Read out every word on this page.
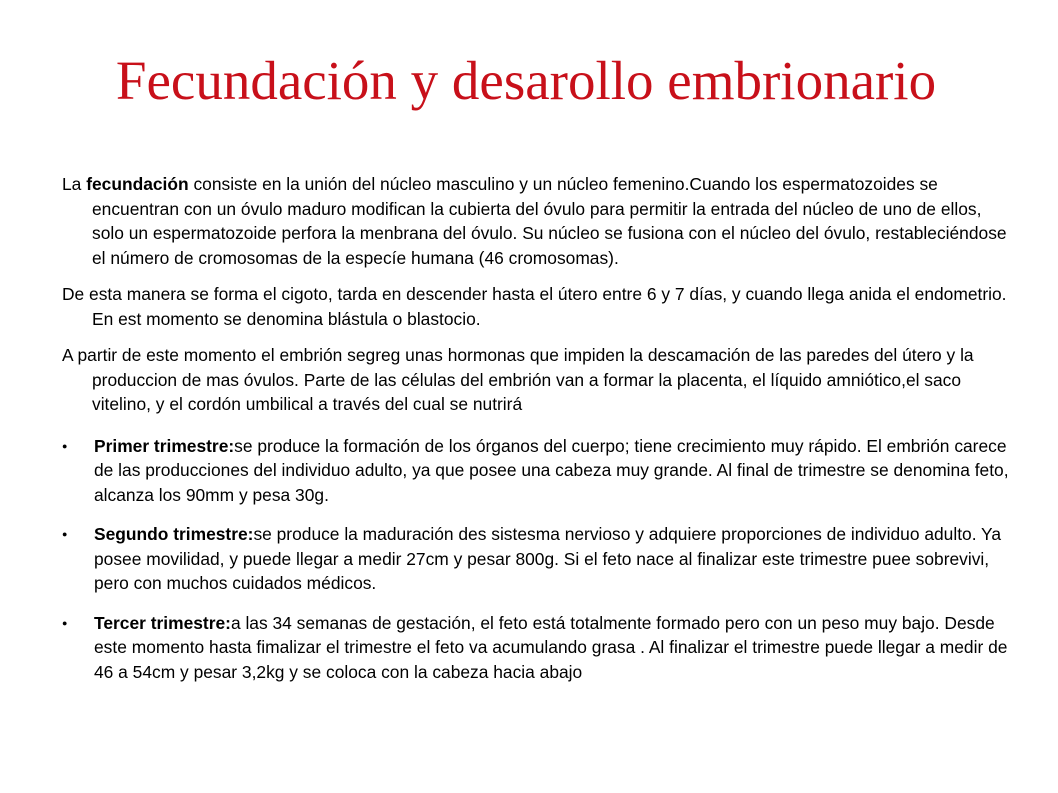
Fecundación y desarollo embrionario

La fecundación consiste en la unión del núcleo masculino y un núcleo femenino.Cuando los espermatozoides se encuentran con un óvulo maduro modifican la cubierta del óvulo para permitir la entrada del núcleo de uno de ellos, solo un espermatozoide perfora la menbrana del óvulo. Su núcleo se fusiona con el núcleo del óvulo, restableciéndose el número de cromosomas de la especíe humana (46 cromosomas).

De esta manera se forma el cigoto, tarda en descender hasta el útero entre 6 y 7 días, y cuando llega anida el endometrio. En est momento se denomina blástula o blastocio.

A partir de este momento el embrión segreg unas hormonas que impiden la descamación de las paredes del útero y la produccion de mas óvulos. Parte de las células del embrión van a formar la placenta, el líquido amniótico,el saco vitelino, y el cordón umbilical a través del cual se nutrirá

● Primer trimestre:se produce la formación de los órganos del cuerpo; tiene crecimiento muy rápido. El embrión carece de las producciones del individuo adulto, ya que posee una cabeza muy grande. Al final de trimestre se denomina feto, alcanza los 90mm y pesa 30g.
● Segundo trimestre:se produce la maduración des sistesma nervioso y adquiere proporciones de individuo adulto. Ya posee movilidad, y puede llegar a medir 27cm y pesar 800g. Si el feto nace al finalizar este trimestre puee sobrevivi, pero con muchos cuidados médicos.
● Tercer trimestre:a las 34 semanas de gestación, el feto está totalmente formado pero con un peso muy bajo. Desde este momento hasta fimalizar el trimestre el feto va acumulando grasa . Al finalizar el trimestre puede llegar a medir de 46 a 54cm y pesar 3,2kg y se coloca con la cabeza hacia abajo
